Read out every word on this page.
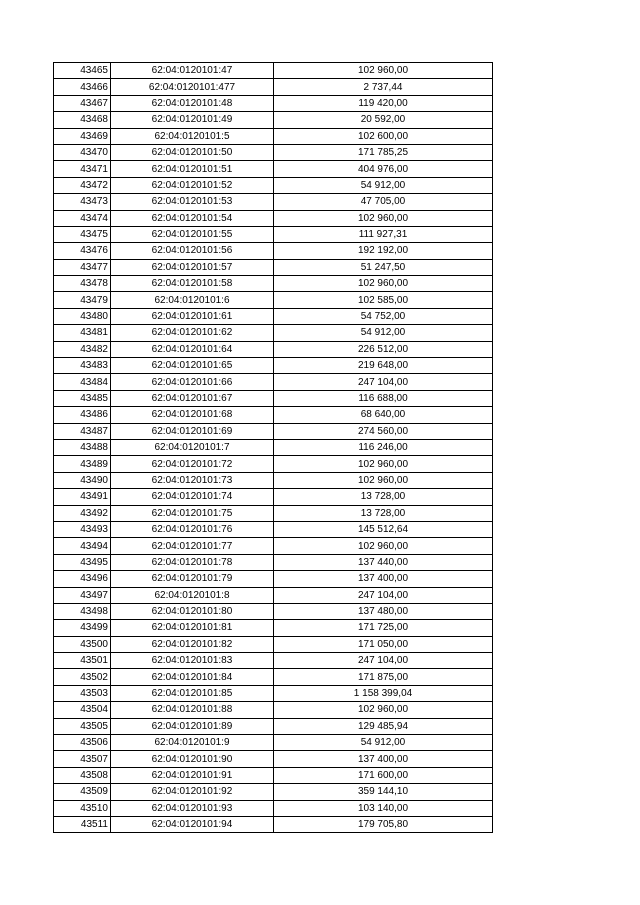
43465	62:04:0120101:47	102 960,00
43466	62:04:0120101:477	2 737,44
43467	62:04:0120101:48	119 420,00
43468	62:04:0120101:49	20 592,00
43469	62:04:0120101:5	102 600,00
43470	62:04:0120101:50	171 785,25
43471	62:04:0120101:51	404 976,00
43472	62:04:0120101:52	54 912,00
43473	62:04:0120101:53	47 705,00
43474	62:04:0120101:54	102 960,00
43475	62:04:0120101:55	111 927,31
43476	62:04:0120101:56	192 192,00
43477	62:04:0120101:57	51 247,50
43478	62:04:0120101:58	102 960,00
43479	62:04:0120101:6	102 585,00
43480	62:04:0120101:61	54 752,00
43481	62:04:0120101:62	54 912,00
43482	62:04:0120101:64	226 512,00
43483	62:04:0120101:65	219 648,00
43484	62:04:0120101:66	247 104,00
43485	62:04:0120101:67	116 688,00
43486	62:04:0120101:68	68 640,00
43487	62:04:0120101:69	274 560,00
43488	62:04:0120101:7	116 246,00
43489	62:04:0120101:72	102 960,00
43490	62:04:0120101:73	102 960,00
43491	62:04:0120101:74	13 728,00
43492	62:04:0120101:75	13 728,00
43493	62:04:0120101:76	145 512,64
43494	62:04:0120101:77	102 960,00
43495	62:04:0120101:78	137 440,00
43496	62:04:0120101:79	137 400,00
43497	62:04:0120101:8	247 104,00
43498	62:04:0120101:80	137 480,00
43499	62:04:0120101:81	171 725,00
43500	62:04:0120101:82	171 050,00
43501	62:04:0120101:83	247 104,00
43502	62:04:0120101:84	171 875,00
43503	62:04:0120101:85	1 158 399,04
43504	62:04:0120101:88	102 960,00
43505	62:04:0120101:89	129 485,94
43506	62:04:0120101:9	54 912,00
43507	62:04:0120101:90	137 400,00
43508	62:04:0120101:91	171 600,00
43509	62:04:0120101:92	359 144,10
43510	62:04:0120101:93	103 140,00
43511	62:04:0120101:94	179 705,80
